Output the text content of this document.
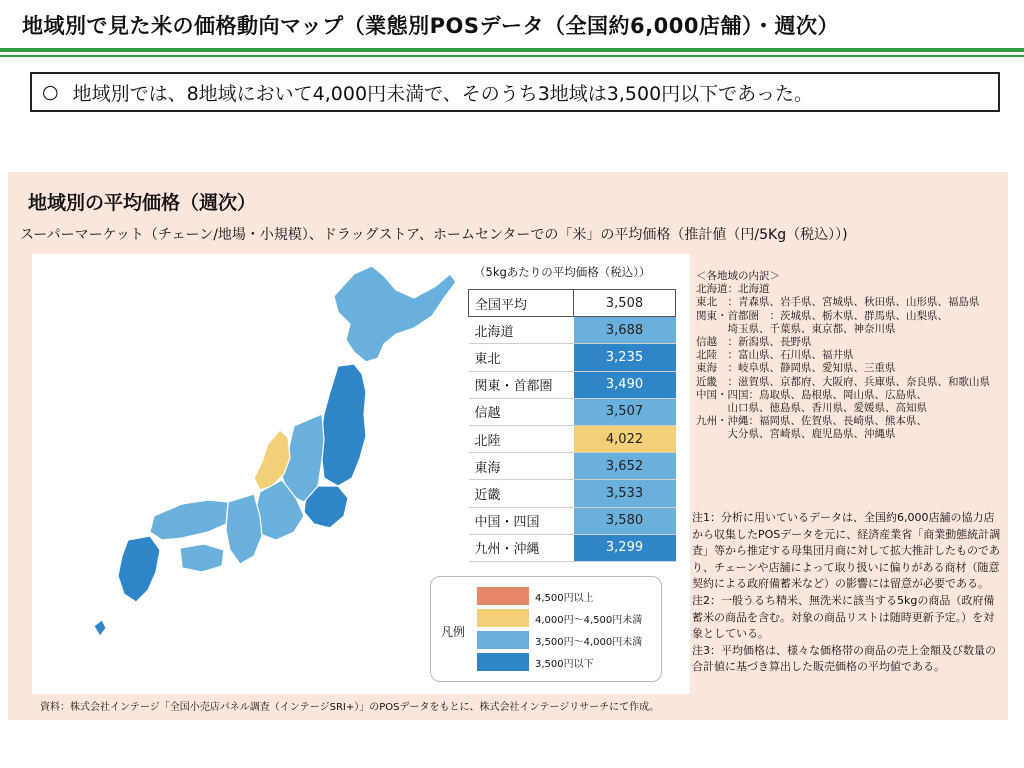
地域別で見た米の価格動向マップ（業態別POSデータ（全国約6,000店舗）・週次）
○ 地域別では、8地域において4,000円未満で、そのうち3地域は3,500円以下であった。
地域別の平均価格（週次）
スーパーマーケット（チェーン/地場・小規模）、ドラッグストア、ホームセンターでの「米」の平均価格（推計値（円/5Kg（税込））)
（5kgあたりの平均価格（税込））
全国平均	3,508
北海道	3,688
東北	3,235
関東・首都圏	3,490
信越	3,507
北陸	4,022
東海	3,652
近畿	3,533
中国・四国	3,580
九州・沖縄	3,299
凡例
4,500円以上
4,000円～4,500円未満
3,500円～4,000円未満
3,500円以下
＜各地域の内訳＞
北海道 ：北海道
東北　 ：青森県、岩手県、宮城県、秋田県、山形県、福島県
関東・首都圏　 ：茨城県、栃木県、群馬県、山梨県、
　　　埼玉県、千葉県、東京都、神奈川県
信越　 ：新潟県、長野県
北陸　 ：富山県、石川県、福井県
東海　 ：岐阜県、静岡県、愛知県、三重県
近畿　 ：滋賀県、京都府、大阪府、兵庫県、奈良県、和歌山県
中国・四国 ：鳥取県、島根県、岡山県、広島県、
　　　山口県、徳島県、香川県、愛媛県、高知県
九州・沖縄 ：福岡県、佐賀県、長崎県、熊本県、
　　　大分県、宮崎県、鹿児島県、沖縄県
注1：分析に用いているデータは、全国約6,000店舗の協力店から収集したPOSデータを元に、経済産業省「商業動態統計調査」等から推定する母集団月商に対して拡大推計したものであり、チェーンや店舗によって取り扱いに偏りがある商材（随意契約による政府備蓄米など）の影響には留意が必要である。
注2：一般うるち精米、無洗米に該当する5kgの商品（政府備蓄米の商品を含む。対象の商品リストは随時更新予定。）を対象としている。
注3：平均価格は、様々な価格帯の商品の売上金額及び数量の合計値に基づき算出した販売価格の平均値である。
資料：株式会社インテージ「全国小売店パネル調査（インテージSRI+）」のPOSデータをもとに、株式会社インテージリサーチにて作成。
